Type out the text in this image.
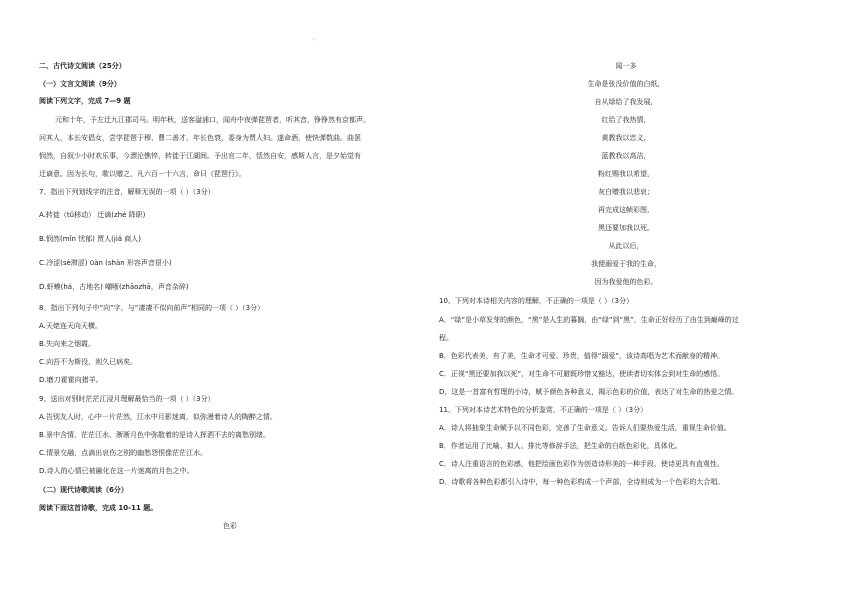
'
二、古代诗文阅读（25分）
（一）文言文阅读（9分）
阅读下列文字，完成 7—9 题
元和十年，予左迁九江郡司马。明年秋，送客湓浦口，闻舟中夜弹琵琶者，听其音，铮铮然有京都声。
问其人，本长安倡女，尝学琵琶于穆、曹二善才，年长色衰，委身为贾人妇。遂命酒，使快弹数曲。曲罢
悯然，自叙少小时欢乐事，今漂沦憔悴，转徙于江湖间。予出官二年，恬然自安，感斯人言，是夕始觉有
迁谪意。因为长句，歌以赠之，凡六百一十六言，命曰《琵琶行》。
7、指出下列划线字的注音，解释无误的一项（ ）（3分）
A.转徙（tǔ移动） 迁谪(zhé 降职)
B.悯然(mǐn 忧郁) 贾人(jiǎ 商人)
C.冷涩(sè滞涩) ūàn (shàn 形容声音很小)
D.虾蟆(há，古地名) 嘲哳(zhāozhā，声音杂碎)
8、指出下列句子中“向”字，与“凄凄不似向前声”相同的一项（ ）（3分）
A.天姥连天向天横。
B.失向来之烟霞。
C.向吾不为斯役，则久已病矣。
D.磨刀霍霍向猪羊。
9、送出对别时茫茫江浸月理解最恰当的一项（ ）（3分）
A.告别友人时，心中一片茫然，江水中月影迷离，似弥漫着诗人的陶醉之情。
B.景中含情，茫茫江水、淅淅月色中弥散着的是诗人挥洒不去的离愁别绪。
C.情景交融，点滴出哀伤之别的幽愁怨恨像茫茫江水。
D.诗人的心情已被融化在这一片迷离的月色之中。
（二）现代诗歌阅读（6分）
阅读下面这首诗歌，完成 10-11 题。
色彩
闻一多
生命是张没价值的白纸，
自从绿给了我发展，
红给了我热情，
黄教我以忠义，
蓝教我以高洁，
粉红赐我以希望，
灰白赠我以悲哀；
再完成这帧彩图，
黑还要加我以死。
从此以后，
我便溺爱于我的生命，
因为我爱他的色彩。
10、下列对本诗相关内容的理解，不正确的一项是（ ）（3分）
A．“绿”是小草发芽的颜色，“黑”是人生的暮搁，由“绿”到“黑”，生命正好经历了由生到巅峰的过
程。
B．色彩代表美，有了美，生命才可爱、珍贵，值得“溺爱”，该诗高唱为艺术而献身的精神。
C．正视“黑还要加我以死”，对生命不可避既珍惜又豁达，使读者切实体会到对生命的感悟。
D．这是一首富有哲理的小诗，赋予颜色各种意义，揭示色彩的价值，表达了对生命的热爱之情。
11、下列对本诗艺术特色的分析鉴赏，不正确的一项是（ ）（3分）
A．诗人将抽象生命赋予以不同色彩，完善了生命意义。告诉人们要热爱生活，重视生命价值。
B．作者运用了比喻、拟人、排比等修辞手法，把生命的白纸色彩化，具体化。
C．诗人注重语言的色彩感，他把绘画色彩作为创造诗形美的一种手段，使诗更具有直观性。
D．诗歌将各种色彩都引入诗中，每一种色彩构成一个声部，全诗则成为一个色彩的大合唱。
